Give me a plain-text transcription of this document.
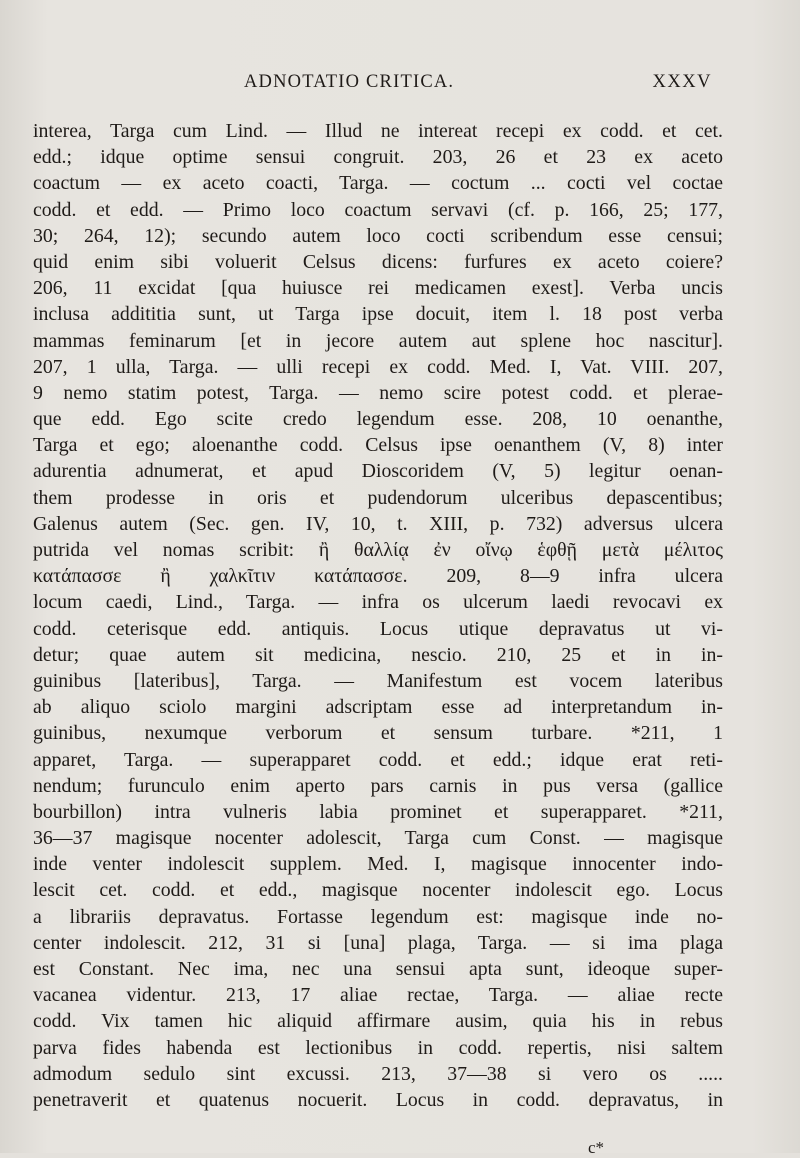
ADNOTATIO CRITICA.	XXXV
interea, Targa cum Lind. — Illud ne intereat recepi ex codd. et cet.
edd.; idque optime sensui congruit. 203, 26 et 23 ex aceto
coactum — ex aceto coacti, Targa. — coctum ... cocti vel coctae
codd. et edd. — Primo loco coactum servavi (cf. p. 166, 25; 177,
30; 264, 12); secundo autem loco cocti scribendum esse censui;
quid enim sibi voluerit Celsus dicens: furfures ex aceto coiere?
206, 11 excidat [qua huiusce rei medicamen exest]. Verba uncis
inclusa addititia sunt, ut Targa ipse docuit, item l. 18 post verba
mammas feminarum [et in jecore autem aut splene hoc nascitur].
207, 1 ulla, Targa. — ulli recepi ex codd. Med. I, Vat. VIII. 207,
9 nemo statim potest, Targa. — nemo scire potest codd. et pleraе-
que edd. Ego scite credo legendum esse. 208, 10 oenanthe,
Targa et ego; aloenanthe codd. Celsus ipse oenanthem (V, 8) inter
adurentia adnumerat, et apud Dioscoridem (V, 5) legitur oenan-
them prodesse in oris et pudendorum ulceribus depascentibus;
Galenus autem (Sec. gen. IV, 10, t. XIII, p. 732) adversus ulcera
putrida vel nomas scribit: ἢ θαλλίᾳ ἐν οἴνῳ ἑφθῇ μετὰ μέλιτος
κατάπασσε ἢ χαλκῖτιν κατάπασσε. 209, 8—9 infra ulcera
locum caedi, Lind., Targa. — infra os ulcerum laedi revocavi ex
codd. ceterisque edd. antiquis. Locus utique depravatus ut vi-
detur; quae autem sit medicina, nescio. 210, 25 et in in-
guinibus [lateribus], Targa. — Manifestum est vocem lateribus
ab aliquo sciolo margini adscriptam esse ad interpretandum in-
guinibus, nexumque verborum et sensum turbare. *211, 1
apparet, Targa. — superapparet codd. et edd.; idque erat reti-
nendum; furunculo enim aperto pars carnis in pus versa (gallice
bourbillon) intra vulneris labia prominet et superapparet. *211,
36—37 magisque nocenter adolescit, Targa cum Const. — magisque
inde venter indolescit supplem. Med. I, magisque innocenter indo-
lescit cet. codd. et edd., magisque nocenter indolescit ego. Locus
a librariis depravatus. Fortasse legendum est: magisque inde no-
center indolescit. 212, 31 si [una] plaga, Targa. — si ima plaga
est Constant. Nec ima, nec una sensui apta sunt, ideoque super-
vacanea videntur. 213, 17 aliae rectae, Targa. — aliae recte
codd. Vix tamen hic aliquid affirmare ausim, quia his in rebus
parva fides habenda est lectionibus in codd. repertis, nisi saltem
admodum sedulo sint excussi. 213, 37—38 si vero os .....
penetraverit et quatenus nocuerit. Locus in codd. depravatus, in
c*
